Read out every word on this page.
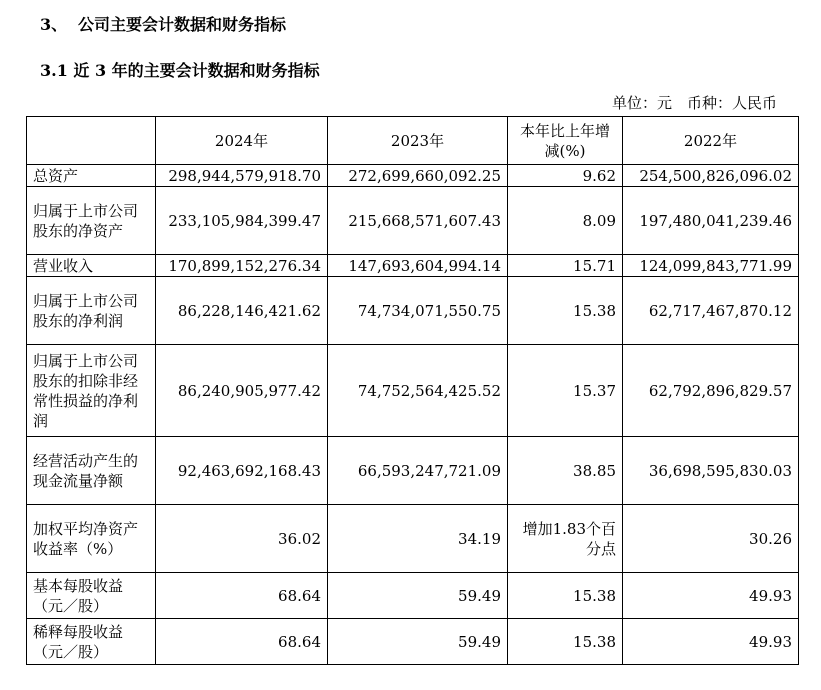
3、 公司主要会计数据和财务指标
3.1 近 3 年的主要会计数据和财务指标
单位：元　币种：人民币
	2024年	2023年	本年比上年增减(%)	2022年
总资产	298,944,579,918.70	272,699,660,092.25	9.62	254,500,826,096.02
归属于上市公司股东的净资产	233,105,984,399.47	215,668,571,607.43	8.09	197,480,041,239.46
营业收入	170,899,152,276.34	147,693,604,994.14	15.71	124,099,843,771.99
归属于上市公司股东的净利润	86,228,146,421.62	74,734,071,550.75	15.38	62,717,467,870.12
归属于上市公司股东的扣除非经常性损益的净利润	86,240,905,977.42	74,752,564,425.52	15.37	62,792,896,829.57
经营活动产生的现金流量净额	92,463,692,168.43	66,593,247,721.09	38.85	36,698,595,830.03
加权平均净资产收益率（%）	36.02	34.19	增加1.83个百分点	30.26
基本每股收益（元／股）	68.64	59.49	15.38	49.93
稀释每股收益（元／股）	68.64	59.49	15.38	49.93
